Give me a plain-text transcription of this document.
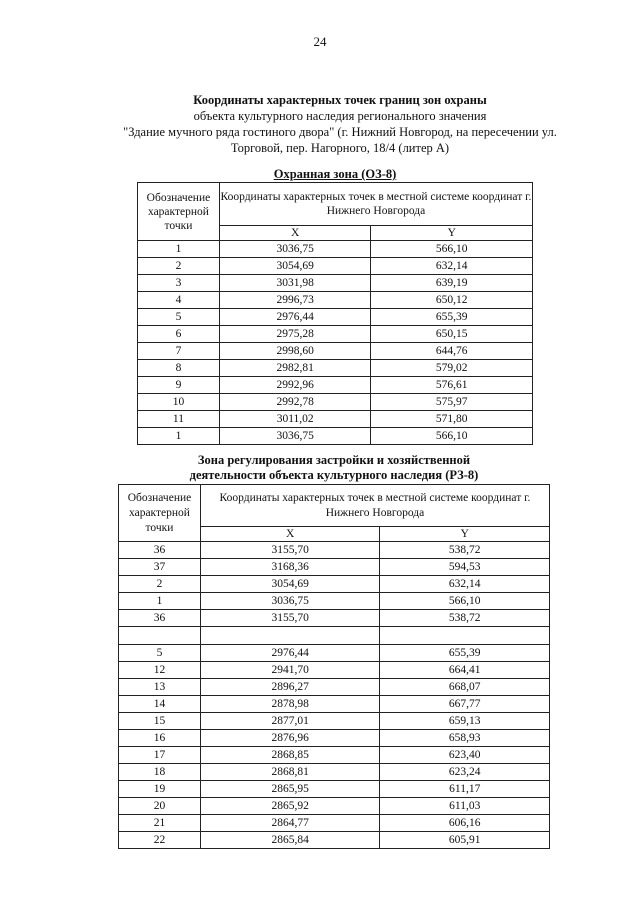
24
Координаты характерных точек границ зон охраны
объекта культурного наследия регионального значения
"Здание мучного ряда гостиного двора" (г. Нижний Новгород, на пересечении ул.
Торговой, пер. Нагорного, 18/4 (литер А)
Охранная зона (ОЗ-8)
Обозначение характерной точки	Координаты характерных точек в местной системе координат г. Нижнего Новгорода	
	X	Y
1	3036,75	566,10
2	3054,69	632,14
3	3031,98	639,19
4	2996,73	650,12
5	2976,44	655,39
6	2975,28	650,15
7	2998,60	644,76
8	2982,81	579,02
9	2992,96	576,61
10	2992,78	575,97
11	3011,02	571,80
1	3036,75	566,10
Зона регулирования застройки и хозяйственной
деятельности объекта культурного наследия (РЗ-8)
Обозначение характерной точки	Координаты характерных точек в местной системе координат г. Нижнего Новгорода	
	X	Y
36	3155,70	538,72
37	3168,36	594,53
2	3054,69	632,14
1	3036,75	566,10
36	3155,70	538,72

5	2976,44	655,39
12	2941,70	664,41
13	2896,27	668,07
14	2878,98	667,77
15	2877,01	659,13
16	2876,96	658,93
17	2868,85	623,40
18	2868,81	623,24
19	2865,95	611,17
20	2865,92	611,03
21	2864,77	606,16
22	2865,84	605,91
